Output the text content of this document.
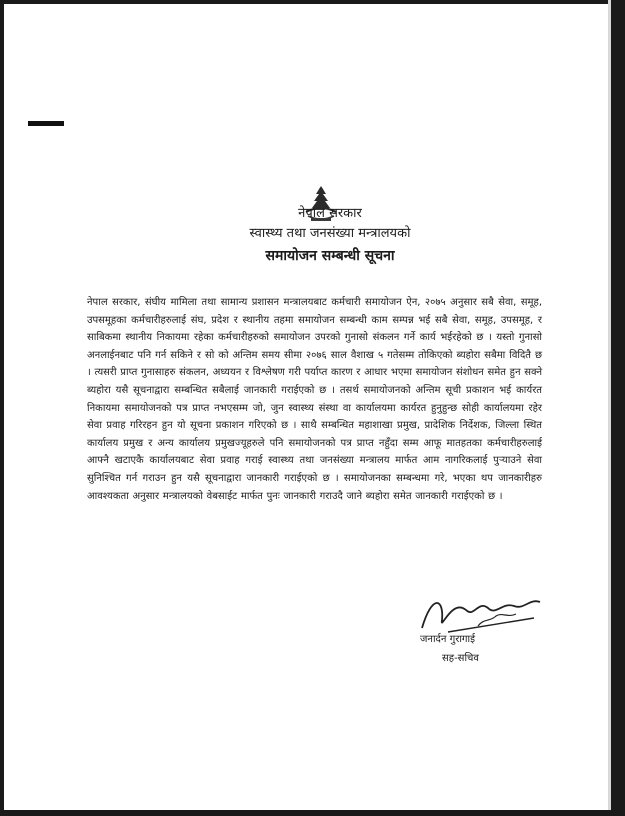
नेपाल सरकार
स्वास्थ्य तथा जनसंख्या मन्त्रालयको
समायोजन सम्बन्धी सूचना

नेपाल सरकार, संघीय मामिला तथा सामान्य प्रशासन मन्त्रालयबाट कर्मचारी समायोजन ऐन, २०७५ अनुसार सबै सेवा, समूह, उपसमूहका कर्मचारीहरुलाई संघ, प्रदेश र स्थानीय तहमा समायोजन सम्बन्धी काम सम्पन्न भई सबै सेवा, समूह, उपसमूह, र साबिकमा स्थानीय निकायमा रहेका कर्मचारीहरुको समायोजन उपरको गुनासो संकलन गर्ने कार्य भईरहेको छ । यस्तो गुनासो अनलाईनबाट पनि गर्न सकिने र सो को अन्तिम समय सीमा २०७६ साल वैशाख ५ गतेसम्म तोकिएको ब्यहोरा सबैमा विदितै छ । त्यसरी प्राप्त गुनासाहरु संकलन, अध्ययन र विश्लेषण गरी पर्याप्त कारण र आधार भएमा समायोजन संशोधन समेत हुन सक्ने ब्यहोरा यसै सूचनाद्वारा सम्बन्धित सबैलाई जानकारी गराईएको छ । तसर्थ समायोजनको अन्तिम सूची प्रकाशन भई कार्यरत निकायमा समायोजनको पत्र प्राप्त नभएसम्म जो, जुन स्वास्थ्य संस्था वा कार्यालयमा कार्यरत हुनुहुन्छ सोही कार्यालयमा रहेर सेवा प्रवाह गरिरहन हुन यो सूचना प्रकाशन गरिएको छ । साथै सम्बन्धित महाशाखा प्रमुख, प्रादेशिक निर्देशक, जिल्ला स्थित कार्यालय प्रमुख र अन्य कार्यालय प्रमुखज्यूहरुले पनि समायोजनको पत्र प्राप्त नहुँदा सम्म आफू मातहतका कर्मचारीहरुलाई आफ्नै खटाएकै कार्यालयबाट सेवा प्रवाह गराई स्वास्थ्य तथा जनसंख्या मन्त्रालय मार्फत आम नागरिकलाई पुर्‍याउने सेवा सुनिश्चित गर्न गराउन हुन यसै सूचनाद्वारा जानकारी गराईएको छ । समायोजनका सम्बन्धमा गरे, भएका थप जानकारीहरु आवश्यकता अनुसार मन्त्रालयको वेबसाईट मार्फत पुनः जानकारी गराउदै जाने ब्यहोरा समेत जानकारी गराईएको छ ।

जनार्दन गुरागाई
सह-सचिव
